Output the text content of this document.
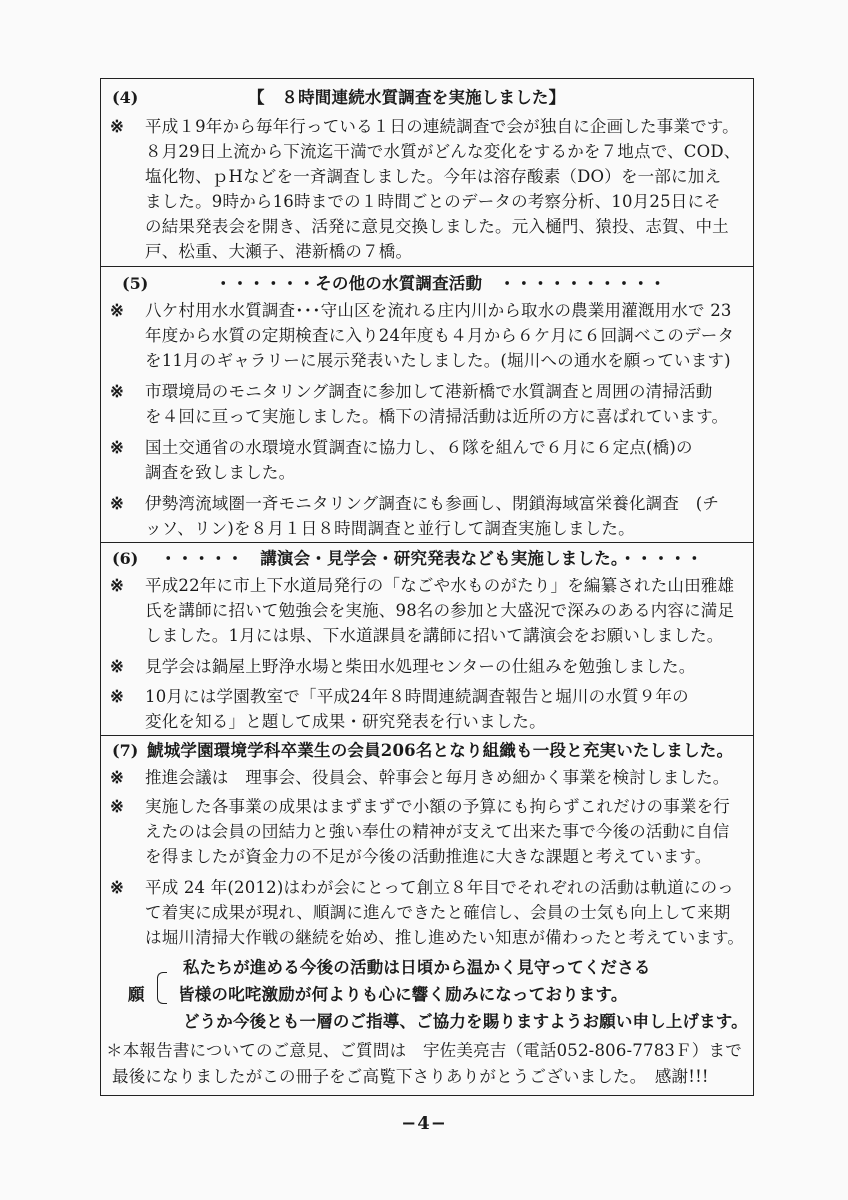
(4)	【　８時間連続水質調査を実施しました】
※ 平成１9年から毎年行っている１日の連続調査で会が独自に企画した事業です。
８月29日上流から下流迄干満で水質がどんな変化をするかを７地点で、COD、
塩化物、ｐHなどを一斉調査しました。今年は溶存酸素（DO）を一部に加え
ました。9時から16時までの１時間ごとのデータの考察分析、10月25日にそ
の結果発表会を開き、活発に意見交換しました。元入樋門、猿投、志賀、中土
戸、松重、大瀬子、港新橋の７橋。
(5)	・・・・・・その他の水質調査活動　・・・・・・・・・・
※ 八ケ村用水水質調査･･･守山区を流れる庄内川から取水の農業用灌漑用水で 23
年度から水質の定期検査に入り24年度も４月から６ケ月に６回調べこのデータ
を11月のギャラリーに展示発表いたしました。(堀川への通水を願っています)
※ 市環境局のモニタリング調査に参加して港新橋で水質調査と周囲の清掃活動
を４回に亘って実施しました。橋下の清掃活動は近所の方に喜ばれています。
※ 国土交通省の水環境水質調査に協力し、６隊を組んで６月に６定点(橋)の
調査を致しました。
※ 伊勢湾流域圏一斉モニタリング調査にも参画し、閉鎖海域富栄養化調査　(チ
ッソ、リン)を８月１日８時間調査と並行して調査実施しました。
(6) ・・・・・　講演会・見学会・研究発表なども実施しました。・・・・・
※ 平成22年に市上下水道局発行の「なごや水ものがたり」を編纂された山田雅雄
氏を講師に招いて勉強会を実施、98名の参加と大盛況で深みのある内容に満足
しました。1月には県、下水道課員を講師に招いて講演会をお願いしました。
※ 見学会は鍋屋上野浄水場と柴田水処理センターの仕組みを勉強しました。
※ 10月には学園教室で「平成24年８時間連続調査報告と堀川の水質９年の
変化を知る」と題して成果・研究発表を行いました。
(7) 鯱城学園環境学科卒業生の会員206名となり組織も一段と充実いたしました。
※ 推進会議は　理事会、役員会、幹事会と毎月きめ細かく事業を検討しました。
※ 実施した各事業の成果はまずまずで小額の予算にも拘らずこれだけの事業を行
えたのは会員の団結力と強い奉仕の精神が支えて出来た事で今後の活動に自信
を得ましたが資金力の不足が今後の活動推進に大きな課題と考えています。
※ 平成 24 年(2012)はわが会にとって創立８年目でそれぞれの活動は軌道にのっ
て着実に成果が現れ、順調に進んできたと確信し、会員の士気も向上して来期
は堀川清掃大作戦の継続を始め、推し進めたい知恵が備わったと考えています。
私たちが進める今後の活動は日頃から温かく見守ってくださる
願 皆様の叱咤激励が何よりも心に響く励みになっております。
どうか今後とも一層のご指導、ご協力を賜りますようお願い申し上げます。
＊本報告書についてのご意見、ご質問は　宇佐美亮吉（電話052-806-7783Ｆ）まで
最後になりましたがこの冊子をご高覧下さりありがとうございました。　感謝!!!
−4−
